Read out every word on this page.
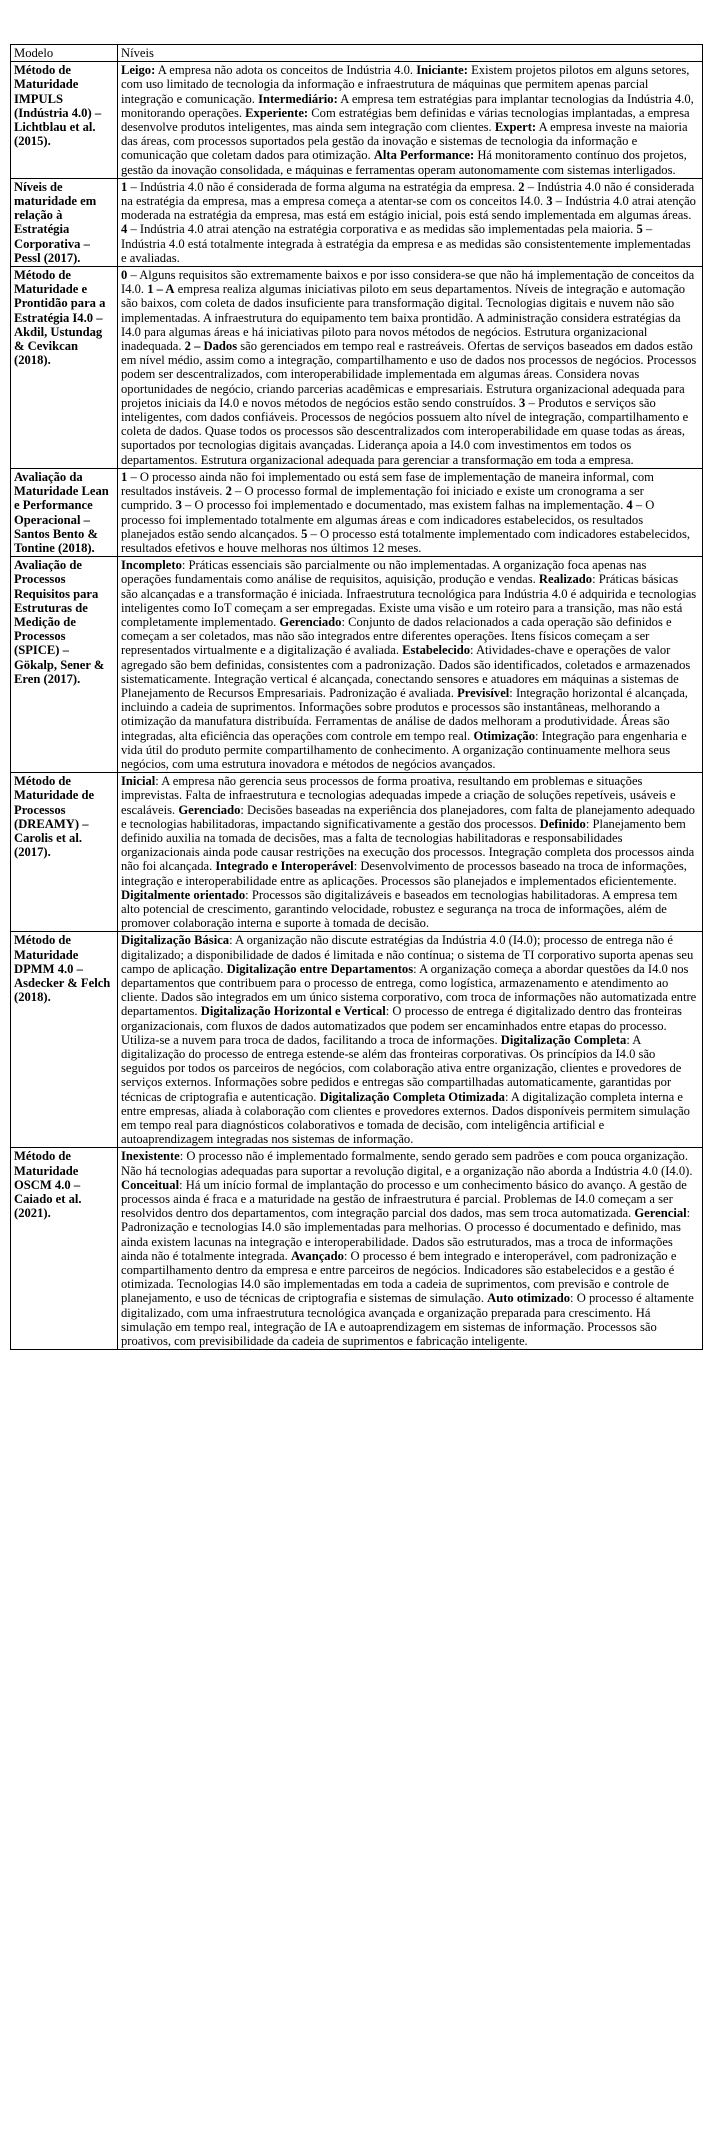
Modelo	Níveis
Método de Maturidade IMPULS (Indústria 4.0) – Lichtblau et al. (2015).	Leigo: A empresa não adota os conceitos de Indústria 4.0. Iniciante: Existem projetos pilotos em alguns setores, com uso limitado de tecnologia da informação e infraestrutura de máquinas que permitem apenas parcial integração e comunicação. Intermediário: A empresa tem estratégias para implantar tecnologias da Indústria 4.0, monitorando operações. Experiente: Com estratégias bem definidas e várias tecnologias implantadas, a empresa desenvolve produtos inteligentes, mas ainda sem integração com clientes. Expert: A empresa investe na maioria das áreas, com processos suportados pela gestão da inovação e sistemas de tecnologia da informação e comunicação que coletam dados para otimização. Alta Performance: Há monitoramento contínuo dos projetos, gestão da inovação consolidada, e máquinas e ferramentas operam autonomamente com sistemas interligados.
Níveis de maturidade em relação à Estratégia Corporativa – Pessl (2017).	1 – Indústria 4.0 não é considerada de forma alguma na estratégia da empresa. 2 – Indústria 4.0 não é considerada na estratégia da empresa, mas a empresa começa a atentar-se com os conceitos I4.0. 3 – Indústria 4.0 atrai atenção moderada na estratégia da empresa, mas está em estágio inicial, pois está sendo implementada em algumas áreas. 4 – Indústria 4.0 atrai atenção na estratégia corporativa e as medidas são implementadas pela maioria. 5 – Indústria 4.0 está totalmente integrada à estratégia da empresa e as medidas são consistentemente implementadas e avaliadas.
Método de Maturidade e Prontidão para a Estratégia I4.0 – Akdil, Ustundag & Cevikcan (2018).	0 – Alguns requisitos são extremamente baixos e por isso considera-se que não há implementação de conceitos da I4.0. 1 – A empresa realiza algumas iniciativas piloto em seus departamentos. Níveis de integração e automação são baixos, com coleta de dados insuficiente para transformação digital. Tecnologias digitais e nuvem não são implementadas. A infraestrutura do equipamento tem baixa prontidão. A administração considera estratégias da I4.0 para algumas áreas e há iniciativas piloto para novos métodos de negócios. Estrutura organizacional inadequada. 2 – Dados são gerenciados em tempo real e rastreáveis. Ofertas de serviços baseados em dados estão em nível médio, assim como a integração, compartilhamento e uso de dados nos processos de negócios. Processos podem ser descentralizados, com interoperabilidade implementada em algumas áreas. Considera novas oportunidades de negócio, criando parcerias acadêmicas e empresariais. Estrutura organizacional adequada para projetos iniciais da I4.0 e novos métodos de negócios estão sendo construídos. 3 – Produtos e serviços são inteligentes, com dados confiáveis. Processos de negócios possuem alto nível de integração, compartilhamento e coleta de dados. Quase todos os processos são descentralizados com interoperabilidade em quase todas as áreas, suportados por tecnologias digitais avançadas. Liderança apoia a I4.0 com investimentos em todos os departamentos. Estrutura organizacional adequada para gerenciar a transformação em toda a empresa.
Avaliação da Maturidade Lean e Performance Operacional – Santos Bento & Tontine (2018).	1 – O processo ainda não foi implementado ou está sem fase de implementação de maneira informal, com resultados instáveis. 2 – O processo formal de implementação foi iniciado e existe um cronograma a ser cumprido. 3 – O processo foi implementado e documentado, mas existem falhas na implementação. 4 – O processo foi implementado totalmente em algumas áreas e com indicadores estabelecidos, os resultados planejados estão sendo alcançados. 5 – O processo está totalmente implementado com indicadores estabelecidos, resultados efetivos e houve melhoras nos últimos 12 meses.
Avaliação de Processos Requisitos para Estruturas de Medição de Processos (SPICE) – Gökalp, Sener & Eren (2017).	Incompleto: Práticas essenciais são parcialmente ou não implementadas. A organização foca apenas nas operações fundamentais como análise de requisitos, aquisição, produção e vendas. Realizado: Práticas básicas são alcançadas e a transformação é iniciada. Infraestrutura tecnológica para Indústria 4.0 é adquirida e tecnologias inteligentes como IoT começam a ser empregadas. Existe uma visão e um roteiro para a transição, mas não está completamente implementado. Gerenciado: Conjunto de dados relacionados a cada operação são definidos e começam a ser coletados, mas não são integrados entre diferentes operações. Itens físicos começam a ser representados virtualmente e a digitalização é avaliada. Estabelecido: Atividades-chave e operações de valor agregado são bem definidas, consistentes com a padronização. Dados são identificados, coletados e armazenados sistematicamente. Integração vertical é alcançada, conectando sensores e atuadores em máquinas a sistemas de Planejamento de Recursos Empresariais. Padronização é avaliada. Previsível: Integração horizontal é alcançada, incluindo a cadeia de suprimentos. Informações sobre produtos e processos são instantâneas, melhorando a otimização da manufatura distribuída. Ferramentas de análise de dados melhoram a produtividade. Áreas são integradas, alta eficiência das operações com controle em tempo real. Otimização: Integração para engenharia e vida útil do produto permite compartilhamento de conhecimento. A organização continuamente melhora seus negócios, com uma estrutura inovadora e métodos de negócios avançados.
Método de Maturidade de Processos (DREAMY) – Carolis et al. (2017).	Inicial: A empresa não gerencia seus processos de forma proativa, resultando em problemas e situações imprevistas. Falta de infraestrutura e tecnologias adequadas impede a criação de soluções repetíveis, usáveis e escaláveis. Gerenciado: Decisões baseadas na experiência dos planejadores, com falta de planejamento adequado e tecnologias habilitadoras, impactando significativamente a gestão dos processos. Definido: Planejamento bem definido auxilia na tomada de decisões, mas a falta de tecnologias habilitadoras e responsabilidades organizacionais ainda pode causar restrições na execução dos processos. Integração completa dos processos ainda não foi alcançada. Integrado e Interoperável: Desenvolvimento de processos baseado na troca de informações, integração e interoperabilidade entre as aplicações. Processos são planejados e implementados eficientemente. Digitalmente orientado: Processos são digitalizáveis e baseados em tecnologias habilitadoras. A empresa tem alto potencial de crescimento, garantindo velocidade, robustez e segurança na troca de informações, além de promover colaboração interna e suporte à tomada de decisão.
Método de Maturidade DPMM 4.0 – Asdecker & Felch (2018).	Digitalização Básica: A organização não discute estratégias da Indústria 4.0 (I4.0); processo de entrega não é digitalizado; a disponibilidade de dados é limitada e não contínua; o sistema de TI corporativo suporta apenas seu campo de aplicação. Digitalização entre Departamentos: A organização começa a abordar questões da I4.0 nos departamentos que contribuem para o processo de entrega, como logística, armazenamento e atendimento ao cliente. Dados são integrados em um único sistema corporativo, com troca de informações não automatizada entre departamentos. Digitalização Horizontal e Vertical: O processo de entrega é digitalizado dentro das fronteiras organizacionais, com fluxos de dados automatizados que podem ser encaminhados entre etapas do processo. Utiliza-se a nuvem para troca de dados, facilitando a troca de informações. Digitalização Completa: A digitalização do processo de entrega estende-se além das fronteiras corporativas. Os princípios da I4.0 são seguidos por todos os parceiros de negócios, com colaboração ativa entre organização, clientes e provedores de serviços externos. Informações sobre pedidos e entregas são compartilhadas automaticamente, garantidas por técnicas de criptografia e autenticação. Digitalização Completa Otimizada: A digitalização completa interna e entre empresas, aliada à colaboração com clientes e provedores externos. Dados disponíveis permitem simulação em tempo real para diagnósticos colaborativos e tomada de decisão, com inteligência artificial e autoaprendizagem integradas nos sistemas de informação.
Método de Maturidade OSCM 4.0 – Caiado et al. (2021).	Inexistente: O processo não é implementado formalmente, sendo gerado sem padrões e com pouca organização. Não há tecnologias adequadas para suportar a revolução digital, e a organização não aborda a Indústria 4.0 (I4.0). Conceitual: Há um início formal de implantação do processo e um conhecimento básico do avanço. A gestão de processos ainda é fraca e a maturidade na gestão de infraestrutura é parcial. Problemas de I4.0 começam a ser resolvidos dentro dos departamentos, com integração parcial dos dados, mas sem troca automatizada. Gerencial: Padronização e tecnologias I4.0 são implementadas para melhorias. O processo é documentado e definido, mas ainda existem lacunas na integração e interoperabilidade. Dados são estruturados, mas a troca de informações ainda não é totalmente integrada. Avançado: O processo é bem integrado e interoperável, com padronização e compartilhamento dentro da empresa e entre parceiros de negócios. Indicadores são estabelecidos e a gestão é otimizada. Tecnologias I4.0 são implementadas em toda a cadeia de suprimentos, com previsão e controle de planejamento, e uso de técnicas de criptografia e sistemas de simulação. Auto otimizado: O processo é altamente digitalizado, com uma infraestrutura tecnológica avançada e organização preparada para crescimento. Há simulação em tempo real, integração de IA e autoaprendizagem em sistemas de informação. Processos são proativos, com previsibilidade da cadeia de suprimentos e fabricação inteligente.
